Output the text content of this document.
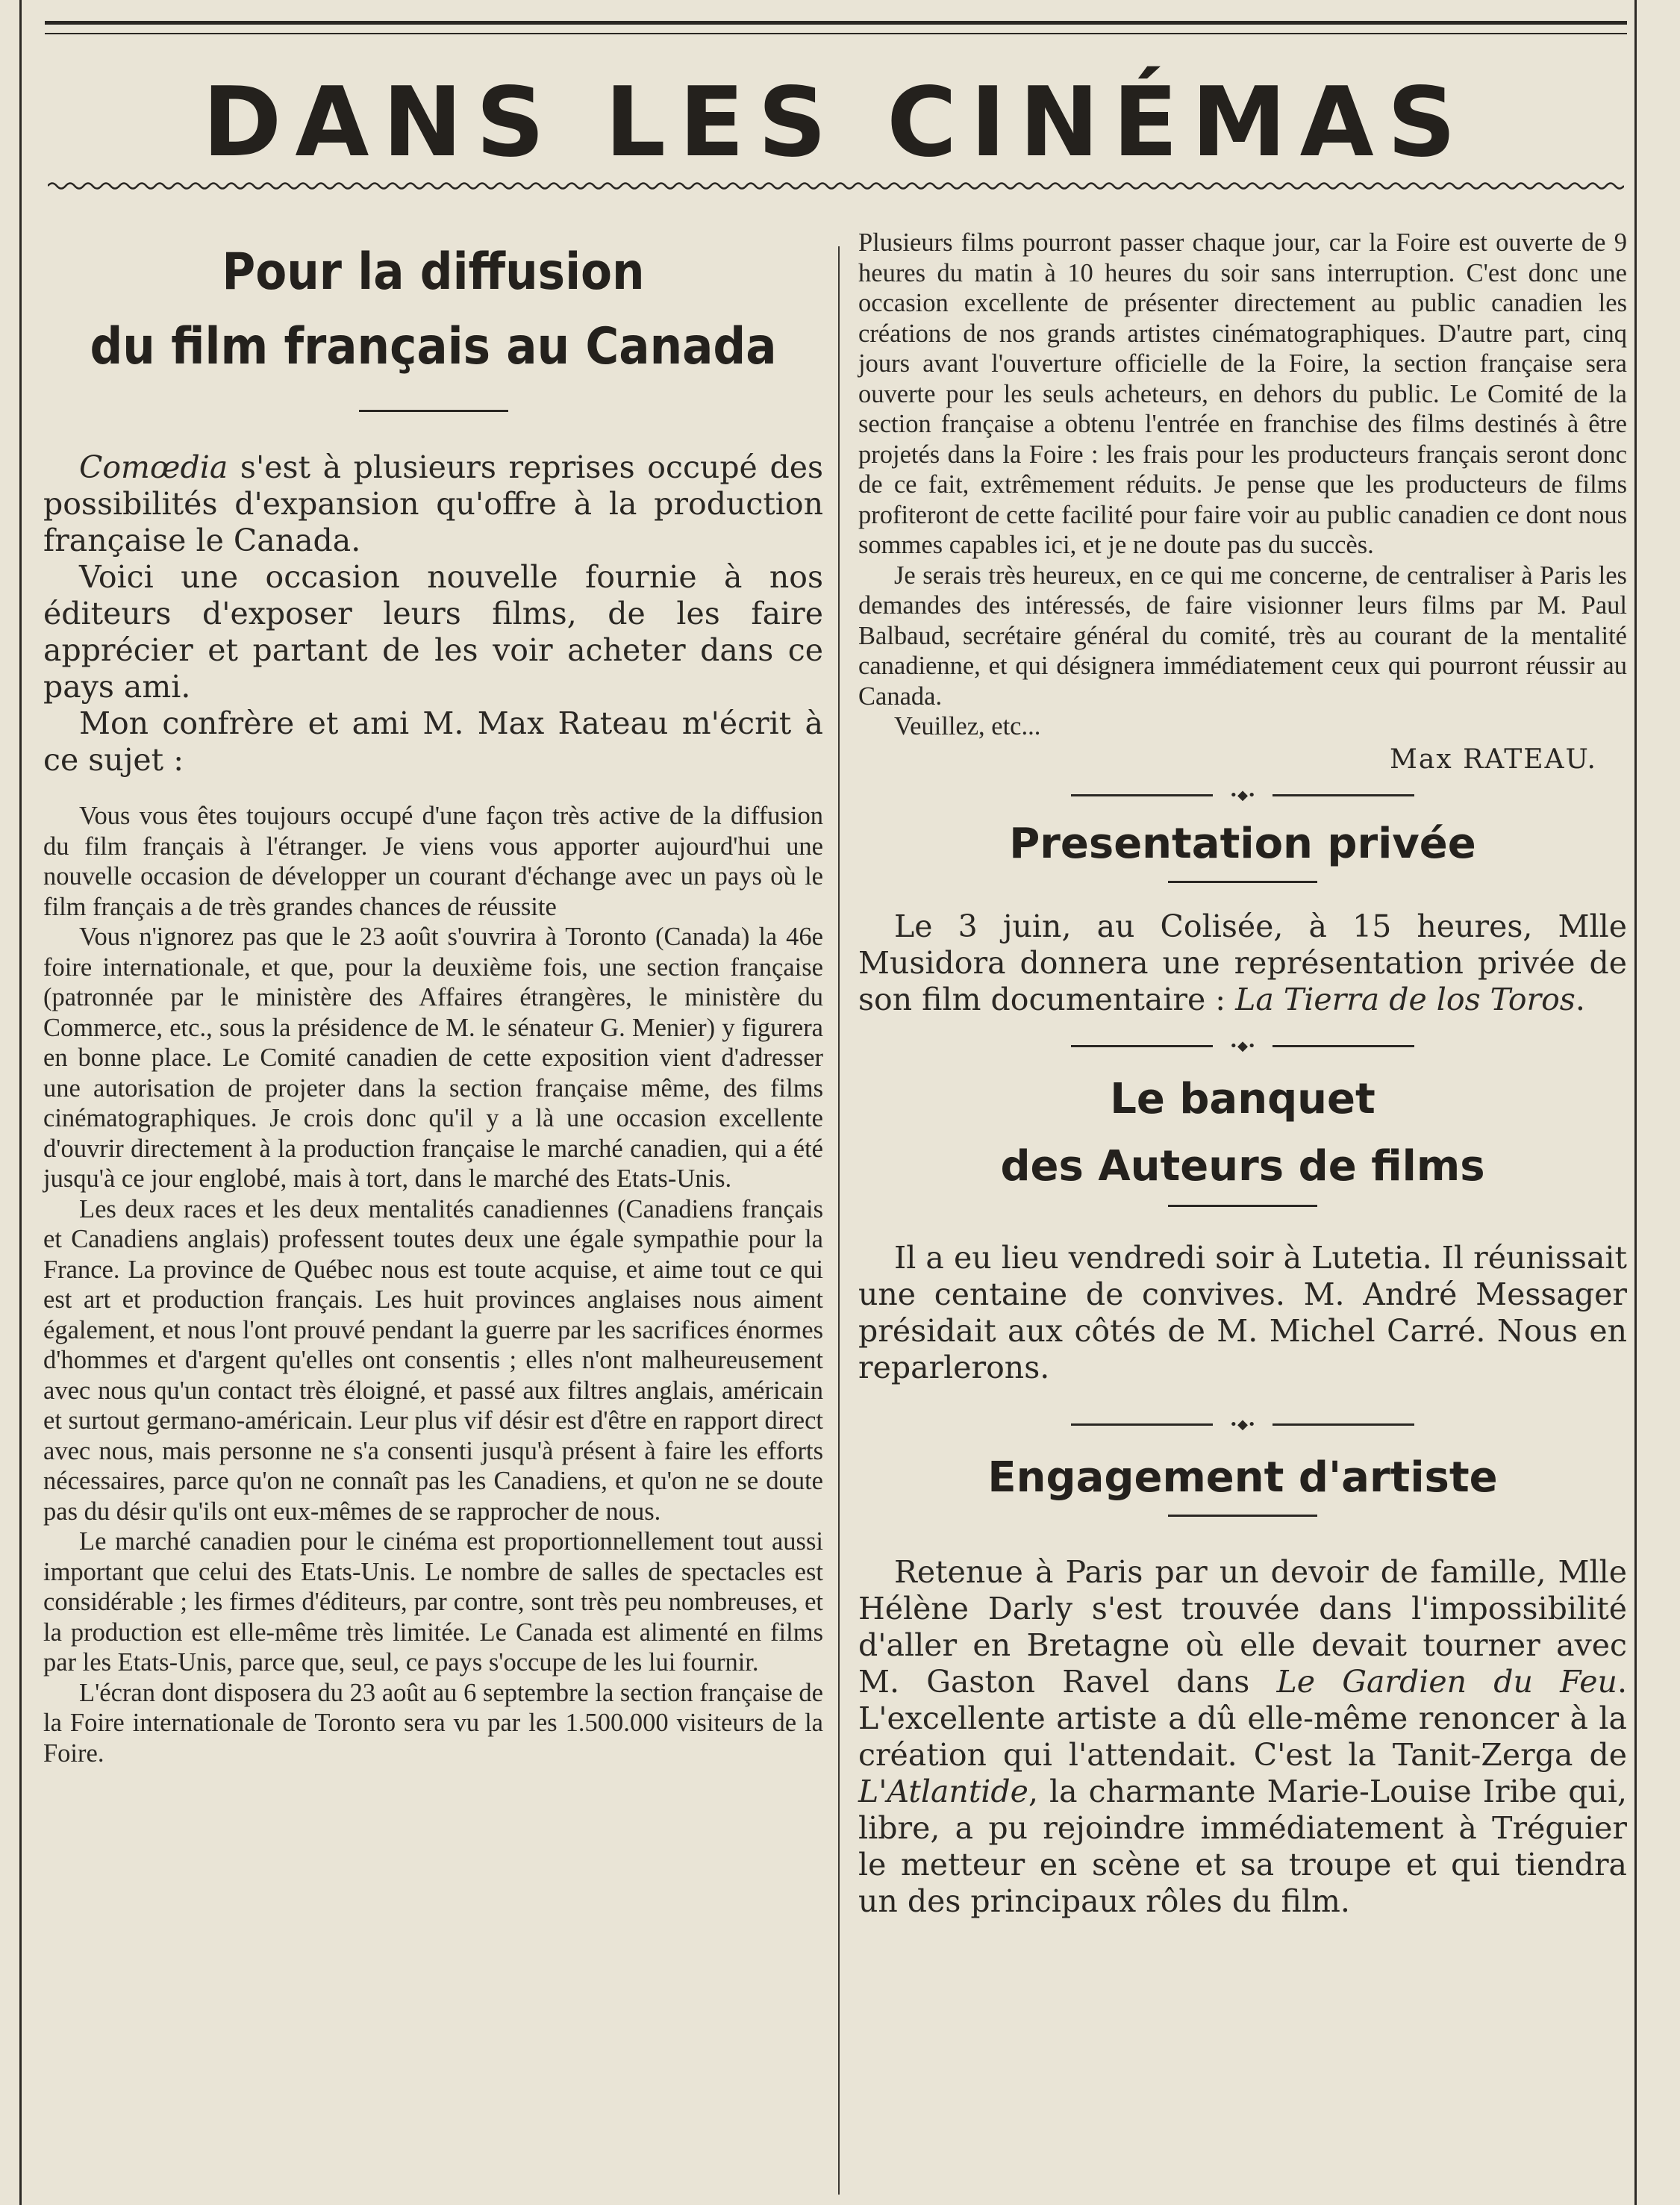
DANS LES CINÉMAS
Pour la diffusion
du film français au Canada

Comœdia s'est à plusieurs reprises occupé des possibilités d'expansion qu'offre à la production française le Canada.

Voici une occasion nouvelle fournie à nos éditeurs d'exposer leurs films, de les faire apprécier et partant de les voir acheter dans ce pays ami.

Mon confrère et ami M. Max Rateau m'écrit à ce sujet :

Vous vous êtes toujours occupé d'une façon très active de la diffusion du film français à l'étranger. Je viens vous apporter aujourd'hui une nouvelle occasion de développer un courant d'échange avec un pays où le film français a de très grandes chances de réussite

Vous n'ignorez pas que le 23 août s'ouvrira à Toronto (Canada) la 46e foire internationale, et que, pour la deuxième fois, une section française (patronnée par le ministère des Affaires étrangères, le ministère du Commerce, etc., sous la présidence de M. le sénateur G. Menier) y figurera en bonne place. Le Comité canadien de cette exposition vient d'adresser une autorisation de projeter dans la section française même, des films cinématographiques. Je crois donc qu'il y a là une occasion excellente d'ouvrir directement à la production française le marché canadien, qui a été jusqu'à ce jour englobé, mais à tort, dans le marché des Etats-Unis.

Les deux races et les deux mentalités canadiennes (Canadiens français et Canadiens anglais) professent toutes deux une égale sympathie pour la France. La province de Québec nous est toute acquise, et aime tout ce qui est art et production français. Les huit provinces anglaises nous aiment également, et nous l'ont prouvé pendant la guerre par les sacrifices énormes d'hommes et d'argent qu'elles ont consentis ; elles n'ont malheureusement avec nous qu'un contact très éloigné, et passé aux filtres anglais, américain et surtout germano-américain. Leur plus vif désir est d'être en rapport direct avec nous, mais personne ne s'a consenti jusqu'à présent à faire les efforts nécessaires, parce qu'on ne connaît pas les Canadiens, et qu'on ne se doute pas du désir qu'ils ont eux-mêmes de se rapprocher de nous.

Le marché canadien pour le cinéma est proportionnellement tout aussi important que celui des Etats-Unis. Le nombre de salles de spectacles est considérable ; les firmes d'éditeurs, par contre, sont très peu nombreuses, et la production est elle-même très limitée. Le Canada est alimenté en films par les Etats-Unis, parce que, seul, ce pays s'occupe de les lui fournir.

L'écran dont disposera du 23 août au 6 septembre la section française de la Foire internationale de Toronto sera vu par les 1.500.000 visiteurs de la Foire.

Plusieurs films pourront passer chaque jour, car la Foire est ouverte de 9 heures du matin à 10 heures du soir sans interruption. C'est donc une occasion excellente de présenter directement au public canadien les créations de nos grands artistes cinématographiques. D'autre part, cinq jours avant l'ouverture officielle de la Foire, la section française sera ouverte pour les seuls acheteurs, en dehors du public. Le Comité de la section française a obtenu l'entrée en franchise des films destinés à être projetés dans la Foire : les frais pour les producteurs français seront donc de ce fait, extrêmement réduits. Je pense que les producteurs de films profiteront de cette facilité pour faire voir au public canadien ce dont nous sommes capables ici, et je ne doute pas du succès.

Je serais très heureux, en ce qui me concerne, de centraliser à Paris les demandes des intéressés, de faire visionner leurs films par M. Paul Balbaud, secrétaire général du comité, très au courant de la mentalité canadienne, et qui désignera immédiatement ceux qui pourront réussir au Canada.

Veuillez, etc...

Max RATEAU.
•◆•
Presentation privée

Le 3 juin, au Colisée, à 15 heures, Mlle Musidora donnera une représentation privée de son film documentaire : La Tierra de los Toros.

•◆•
Le banquet
des Auteurs de films

Il a eu lieu vendredi soir à Lutetia. Il réunissait une centaine de convives. M. André Messager présidait aux côtés de M. Michel Carré. Nous en reparlerons.

•◆•
Engagement d'artiste

Retenue à Paris par un devoir de famille, Mlle Hélène Darly s'est trouvée dans l'impossibilité d'aller en Bretagne où elle devait tourner avec M. Gaston Ravel dans Le Gardien du Feu. L'excellente artiste a dû elle-même renoncer à la création qui l'attendait. C'est la Tanit-Zerga de L'Atlantide, la charmante Marie-Louise Iribe qui, libre, a pu rejoindre immédiatement à Tréguier le metteur en scène et sa troupe et qui tiendra un des principaux rôles du film.
